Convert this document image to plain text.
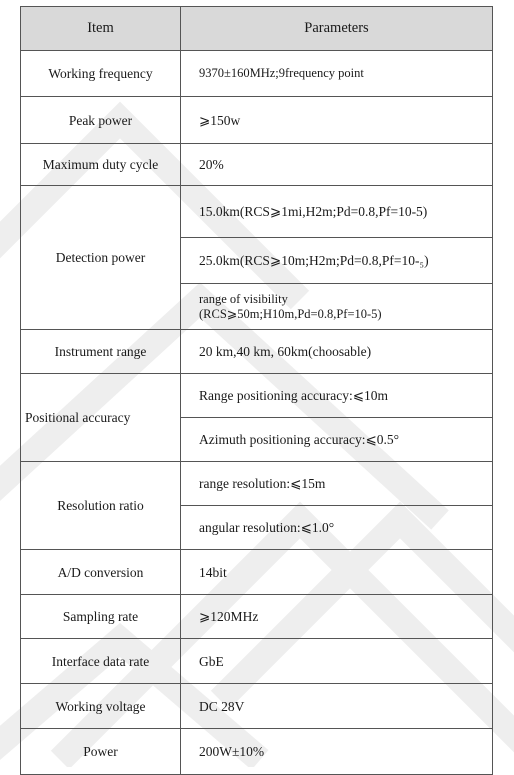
Item	Parameters
Working frequency	9370±160MHz;9frequency point
Peak power	⩾150w
Maximum duty cycle	20%
Detection power	15.0km(RCS⩾1mi,H2m;Pd=0.8,Pf=10-5)
	25.0km(RCS⩾10m;H2m;Pd=0.8,Pf=10-₅)

	range of visibility
(RCS⩾50m;H10m,Pd=0.8,Pf=10-5)

Instrument range	20 km,40 km, 60km(choosable)
Positional accuracy	Range positioning accuracy:⩽10m
	Azimuth positioning accuracy:⩽0.5°
Resolution ratio	range resolution:⩽15m
	angular resolution:⩽1.0°
A/D conversion	14bit
Sampling rate	⩾120MHz
Interface data rate	GbE
Working voltage	DC 28V
Power	200W±10%
